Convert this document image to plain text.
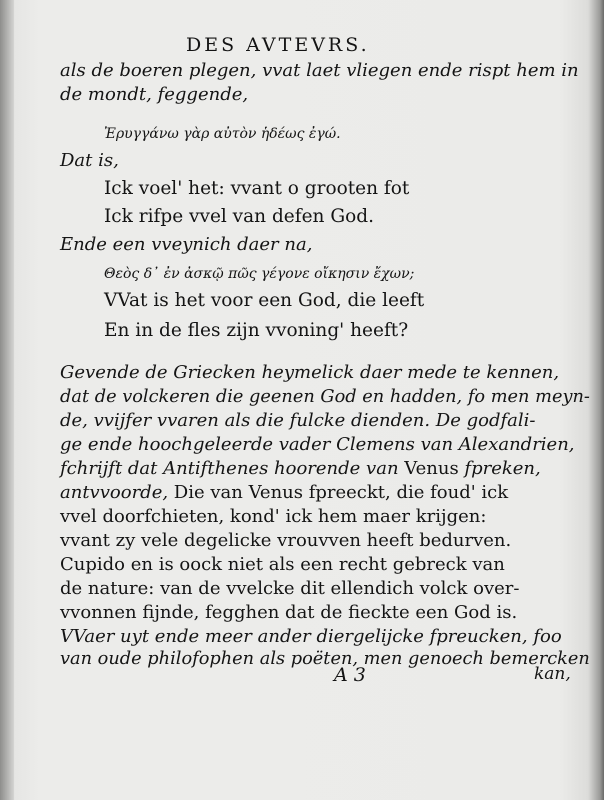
DES AVTEVRS.
als de boeren plegen, vvat laet vliegen ende rispt hem in
de mondt, feggende,
Ἐρυγγάνω γὰρ αὐτὸν ἡδέως ἐγώ.
Dat is,
Ick voel' het: vvant o grooten fot
Ick rifpe vvel van defen God.
Ende een vveynich daer na,
Θεὸς δ᾽ ἐν ἀσκῷ πῶς γέγονε οἴκησιν ἔχων;
VVat is het voor een God, die leeft
En in de fles zijn vvoning' heeft?
Gevende de Griecken heymelick daer mede te kennen,
dat de volckeren die geenen God en hadden, fo men meyn-
de, vvijfer vvaren als die fulcke dienden. De godfali-
ge ende hoochgeleerde vader Clemens van Alexandrien,
fchrijft dat Antifthenes hoorende van Venus fpreken,
antvvoorde, Die van Venus fpreeckt, die foud' ick
vvel doorfchieten, kond' ick hem maer krijgen:
vvant zy vele degelicke vrouvven heeft bedurven.
Cupido en is oock niet als een recht gebreck van
de nature: van de vvelcke dit ellendich volck over-
vvonnen fijnde, fegghen dat de fieckte een God is.
VVaer uyt ende meer ander diergelijcke fpreucken, foo
van oude philofophen als poëten, men genoech bemercken
A 3	kan,
